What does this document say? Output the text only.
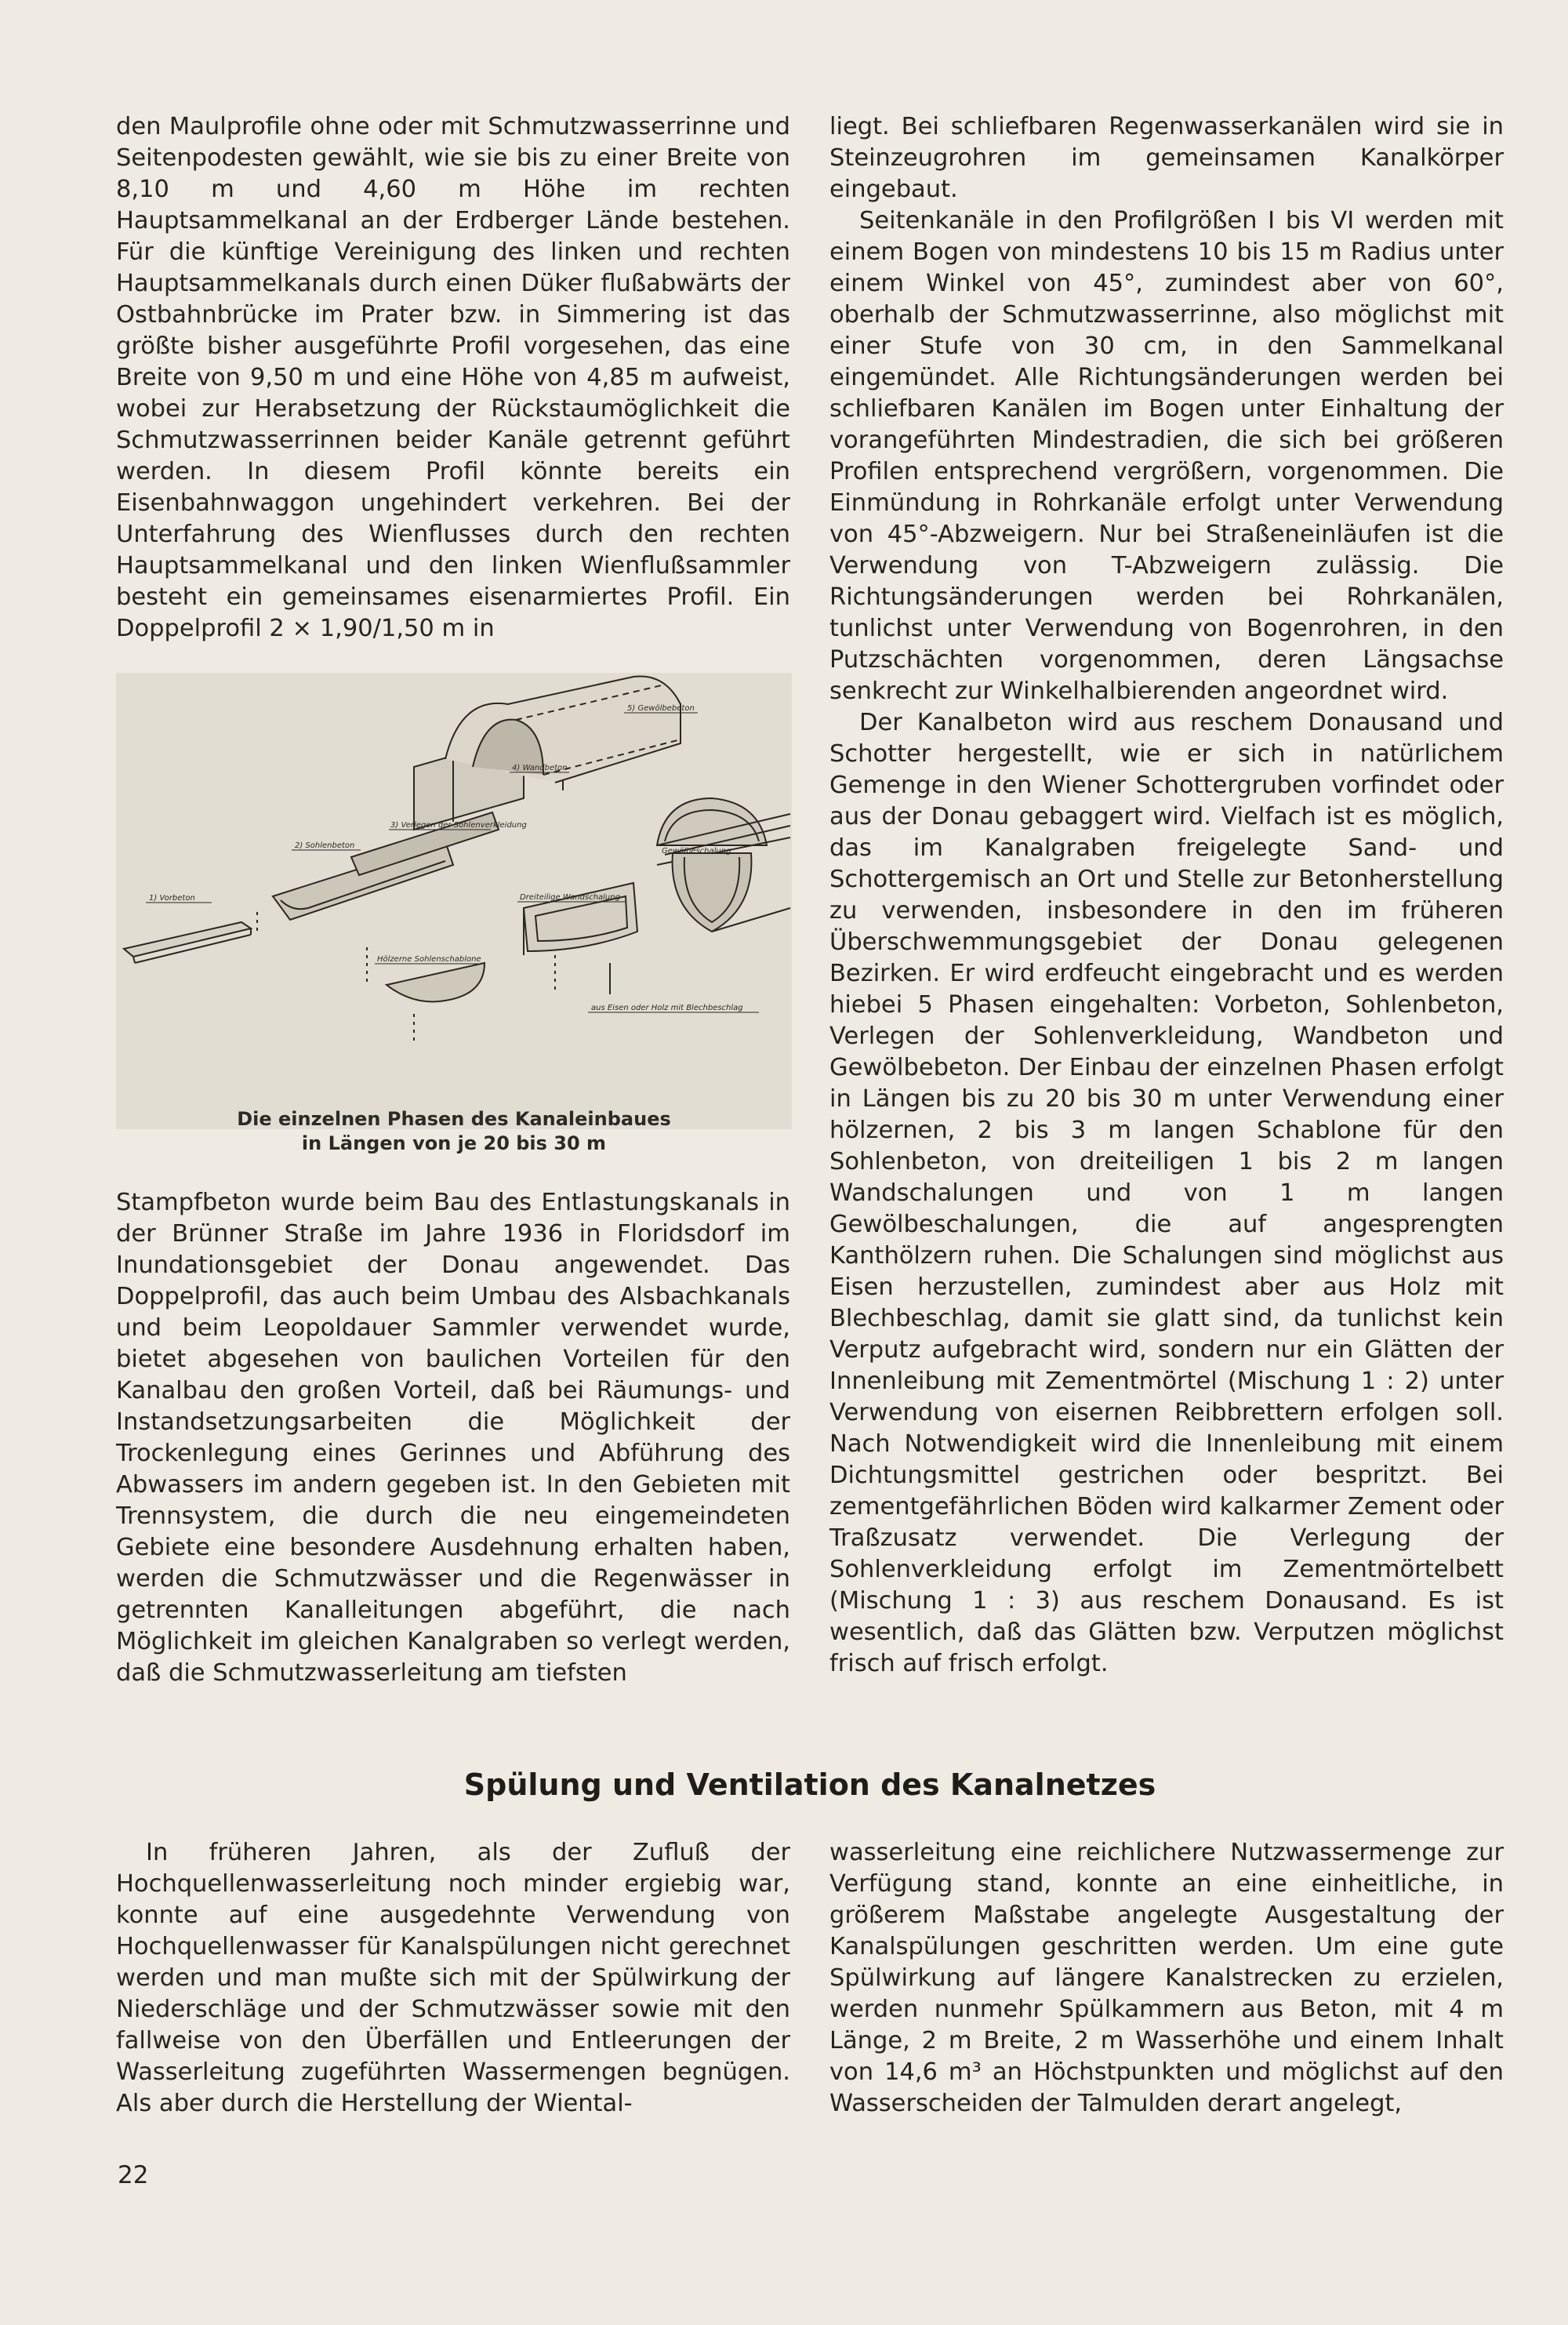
den Maulprofile ohne oder mit Schmutzwasserrinne und Seitenpodesten gewählt, wie sie bis zu einer Breite von 8,10 m und 4,60 m Höhe im rechten Hauptsammelkanal an der Erdberger Lände bestehen. Für die künftige Vereinigung des linken und rechten Hauptsammelkanals durch einen Düker flußabwärts der Ostbahnbrücke im Prater bzw. in Simmering ist das größte bisher ausgeführte Profil vorgesehen, das eine Breite von 9,50 m und eine Höhe von 4,85 m aufweist, wobei zur Herabsetzung der Rückstaumöglichkeit die Schmutzwasserrinnen beider Kanäle getrennt geführt werden. In diesem Profil könnte bereits ein Eisenbahnwaggon ungehindert verkehren. Bei der Unterfahrung des Wienflusses durch den rechten Hauptsammelkanal und den linken Wienflußsammler besteht ein gemeinsames eisenarmiertes Profil. Ein Doppelprofil 2 × 1,90/1,50 m in

1) Vorbeton
2) Sohlenbeton
3) Verlegen der Sohlenverkleidung
4) Wandbeton
5) Gewölbebeton
Gewölbeschalung
Dreiteilige Wandschalung
Hölzerne Sohlenschablone
aus Eisen oder Holz mit Blechbeschlag
Die einzelnen Phasen des Kanaleinbaues
in Längen von je 20 bis 30 m

Stampfbeton wurde beim Bau des Entlastungskanals in der Brünner Straße im Jahre 1936 in Floridsdorf im Inundationsgebiet der Donau angewendet. Das Doppelprofil, das auch beim Umbau des Alsbachkanals und beim Leopoldauer Sammler verwendet wurde, bietet abgesehen von baulichen Vorteilen für den Kanalbau den großen Vorteil, daß bei Räumungs- und Instandsetzungsarbeiten die Möglichkeit der Trockenlegung eines Gerinnes und Abführung des Abwassers im andern gegeben ist. In den Gebieten mit Trennsystem, die durch die neu eingemeindeten Gebiete eine besondere Ausdehnung erhalten haben, werden die Schmutzwässer und die Regenwässer in getrennten Kanalleitungen abgeführt, die nach Möglichkeit im gleichen Kanalgraben so verlegt werden, daß die Schmutzwasserleitung am tiefsten

liegt. Bei schliefbaren Regenwasserkanälen wird sie in Steinzeugrohren im gemeinsamen Kanalkörper eingebaut.

Seitenkanäle in den Profilgrößen I bis VI werden mit einem Bogen von mindestens 10 bis 15 m Radius unter einem Winkel von 45°, zumindest aber von 60°, oberhalb der Schmutzwasserrinne, also möglichst mit einer Stufe von 30 cm, in den Sammelkanal eingemündet. Alle Richtungsänderungen werden bei schliefbaren Kanälen im Bogen unter Einhaltung der vorangeführten Mindestradien, die sich bei größeren Profilen entsprechend vergrößern, vorgenommen. Die Einmündung in Rohrkanäle erfolgt unter Verwendung von 45°-Abzweigern. Nur bei Straßeneinläufen ist die Verwendung von T-Abzweigern zulässig. Die Richtungsänderungen werden bei Rohrkanälen, tunlichst unter Verwendung von Bogenrohren, in den Putzschächten vorgenommen, deren Längsachse senkrecht zur Winkelhalbierenden angeordnet wird.

Der Kanalbeton wird aus reschem Donausand und Schotter hergestellt, wie er sich in natürlichem Gemenge in den Wiener Schottergruben vorfindet oder aus der Donau gebaggert wird. Vielfach ist es möglich, das im Kanalgraben freigelegte Sand- und Schottergemisch an Ort und Stelle zur Betonherstellung zu verwenden, insbesondere in den im früheren Überschwemmungsgebiet der Donau gelegenen Bezirken. Er wird erdfeucht eingebracht und es werden hiebei 5 Phasen eingehalten: Vorbeton, Sohlenbeton, Verlegen der Sohlenverkleidung, Wandbeton und Gewölbebeton. Der Einbau der einzelnen Phasen erfolgt in Längen bis zu 20 bis 30 m unter Verwendung einer hölzernen, 2 bis 3 m langen Schablone für den Sohlenbeton, von dreiteiligen 1 bis 2 m langen Wandschalungen und von 1 m langen Gewölbeschalungen, die auf angesprengten Kanthölzern ruhen. Die Schalungen sind möglichst aus Eisen herzustellen, zumindest aber aus Holz mit Blechbeschlag, damit sie glatt sind, da tunlichst kein Verputz aufgebracht wird, sondern nur ein Glätten der Innenleibung mit Zementmörtel (Mischung 1 : 2) unter Verwendung von eisernen Reibbrettern erfolgen soll. Nach Notwendigkeit wird die Innenleibung mit einem Dichtungsmittel gestrichen oder bespritzt. Bei zementgefährlichen Böden wird kalkarmer Zement oder Traßzusatz verwendet. Die Verlegung der Sohlenverkleidung erfolgt im Zementmörtelbett (Mischung 1 : 3) aus reschem Donausand. Es ist wesentlich, daß das Glätten bzw. Verputzen möglichst frisch auf frisch erfolgt.

Spülung und Ventilation des Kanalnetzes

In früheren Jahren, als der Zufluß der Hochquellenwasserleitung noch minder ergiebig war, konnte auf eine ausgedehnte Verwendung von Hochquellenwasser für Kanalspülungen nicht gerechnet werden und man mußte sich mit der Spülwirkung der Niederschläge und der Schmutzwässer sowie mit den fallweise von den Überfällen und Entleerungen der Wasserleitung zugeführten Wassermengen begnügen. Als aber durch die Herstellung der Wiental-

wasserleitung eine reichlichere Nutzwassermenge zur Verfügung stand, konnte an eine einheitliche, in größerem Maßstabe angelegte Ausgestaltung der Kanalspülungen geschritten werden. Um eine gute Spülwirkung auf längere Kanalstrecken zu erzielen, werden nunmehr Spülkammern aus Beton, mit 4 m Länge, 2 m Breite, 2 m Wasserhöhe und einem Inhalt von 14,6 m³ an Höchstpunkten und möglichst auf den Wasserscheiden der Talmulden derart angelegt,

22
